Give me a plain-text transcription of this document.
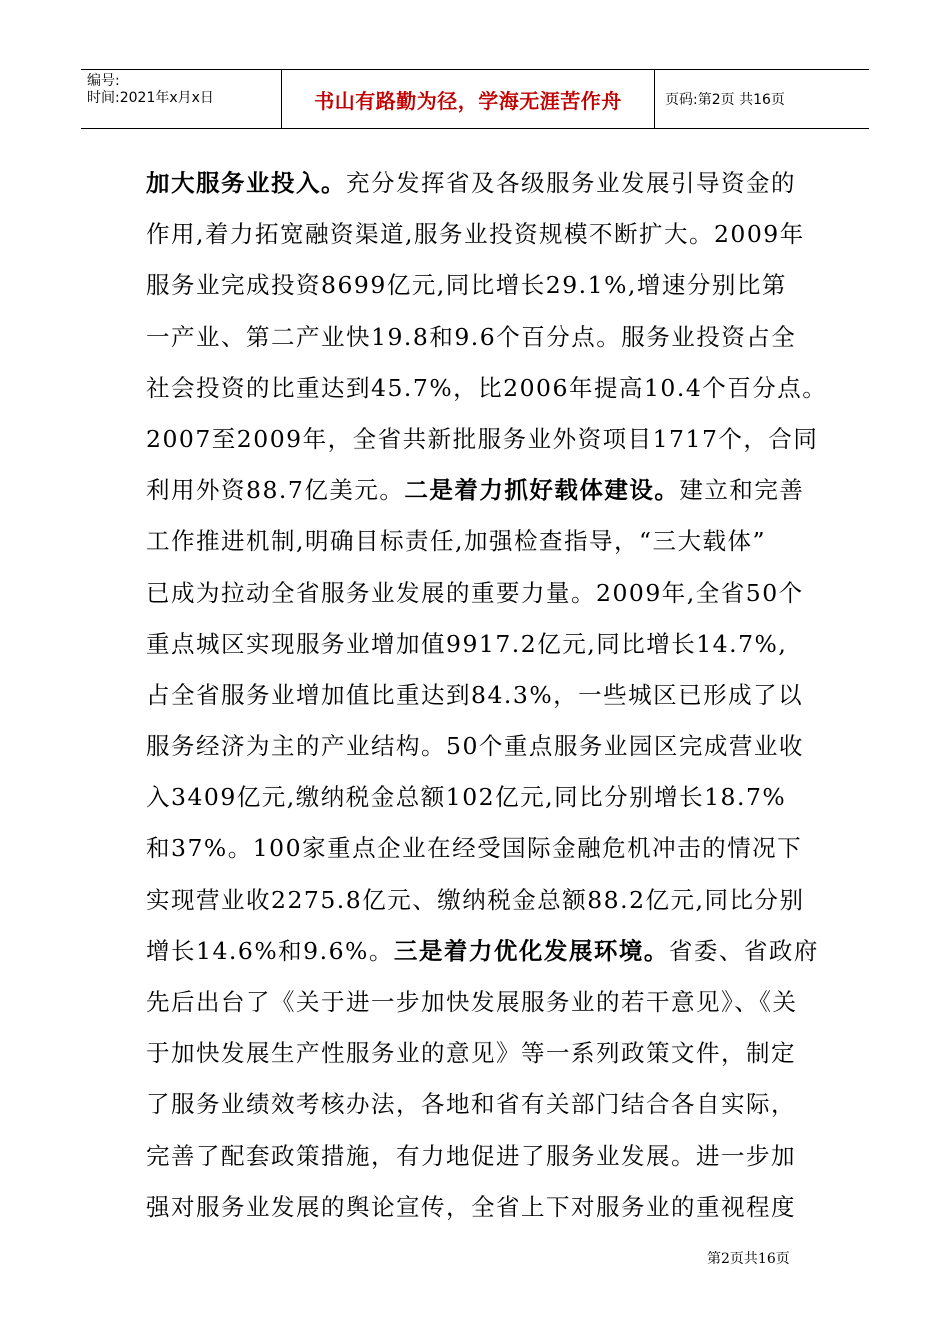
编号:
时间:2021年x月x日	书山有路勤为径，学海无涯苦作舟	页码:第2页 共16页
加大服务业投入。充分发挥省及各级服务业发展引导资金的
作用,着力拓宽融资渠道,服务业投资规模不断扩大。2009年
服务业完成投资8699亿元,同比增长29.1%,增速分别比第
一产业、第二产业快19.8和9.6个百分点。服务业投资占全
社会投资的比重达到45.7%，比2006年提高10.4个百分点。
2007至2009年，全省共新批服务业外资项目1717个，合同
利用外资88.7亿美元。二是着力抓好载体建设。建立和完善
工作推进机制,明确目标责任,加强检查指导，“三大载体”
已成为拉动全省服务业发展的重要力量。2009年,全省50个
重点城区实现服务业增加值9917.2亿元,同比增长14.7%,
占全省服务业增加值比重达到84.3%，一些城区已形成了以
服务经济为主的产业结构。50个重点服务业园区完成营业收
入3409亿元,缴纳税金总额102亿元,同比分别增长18.7%
和37%。100家重点企业在经受国际金融危机冲击的情况下
实现营业收2275.8亿元、缴纳税金总额88.2亿元,同比分别
增长14.6%和9.6%。三是着力优化发展环境。省委、省政府
先后出台了《关于进一步加快发展服务业的若干意见》、《关
于加快发展生产性服务业的意见》等一系列政策文件，制定
了服务业绩效考核办法，各地和省有关部门结合各自实际，
完善了配套政策措施，有力地促进了服务业发展。进一步加
强对服务业发展的舆论宣传，全省上下对服务业的重视程度
第2页共16页
